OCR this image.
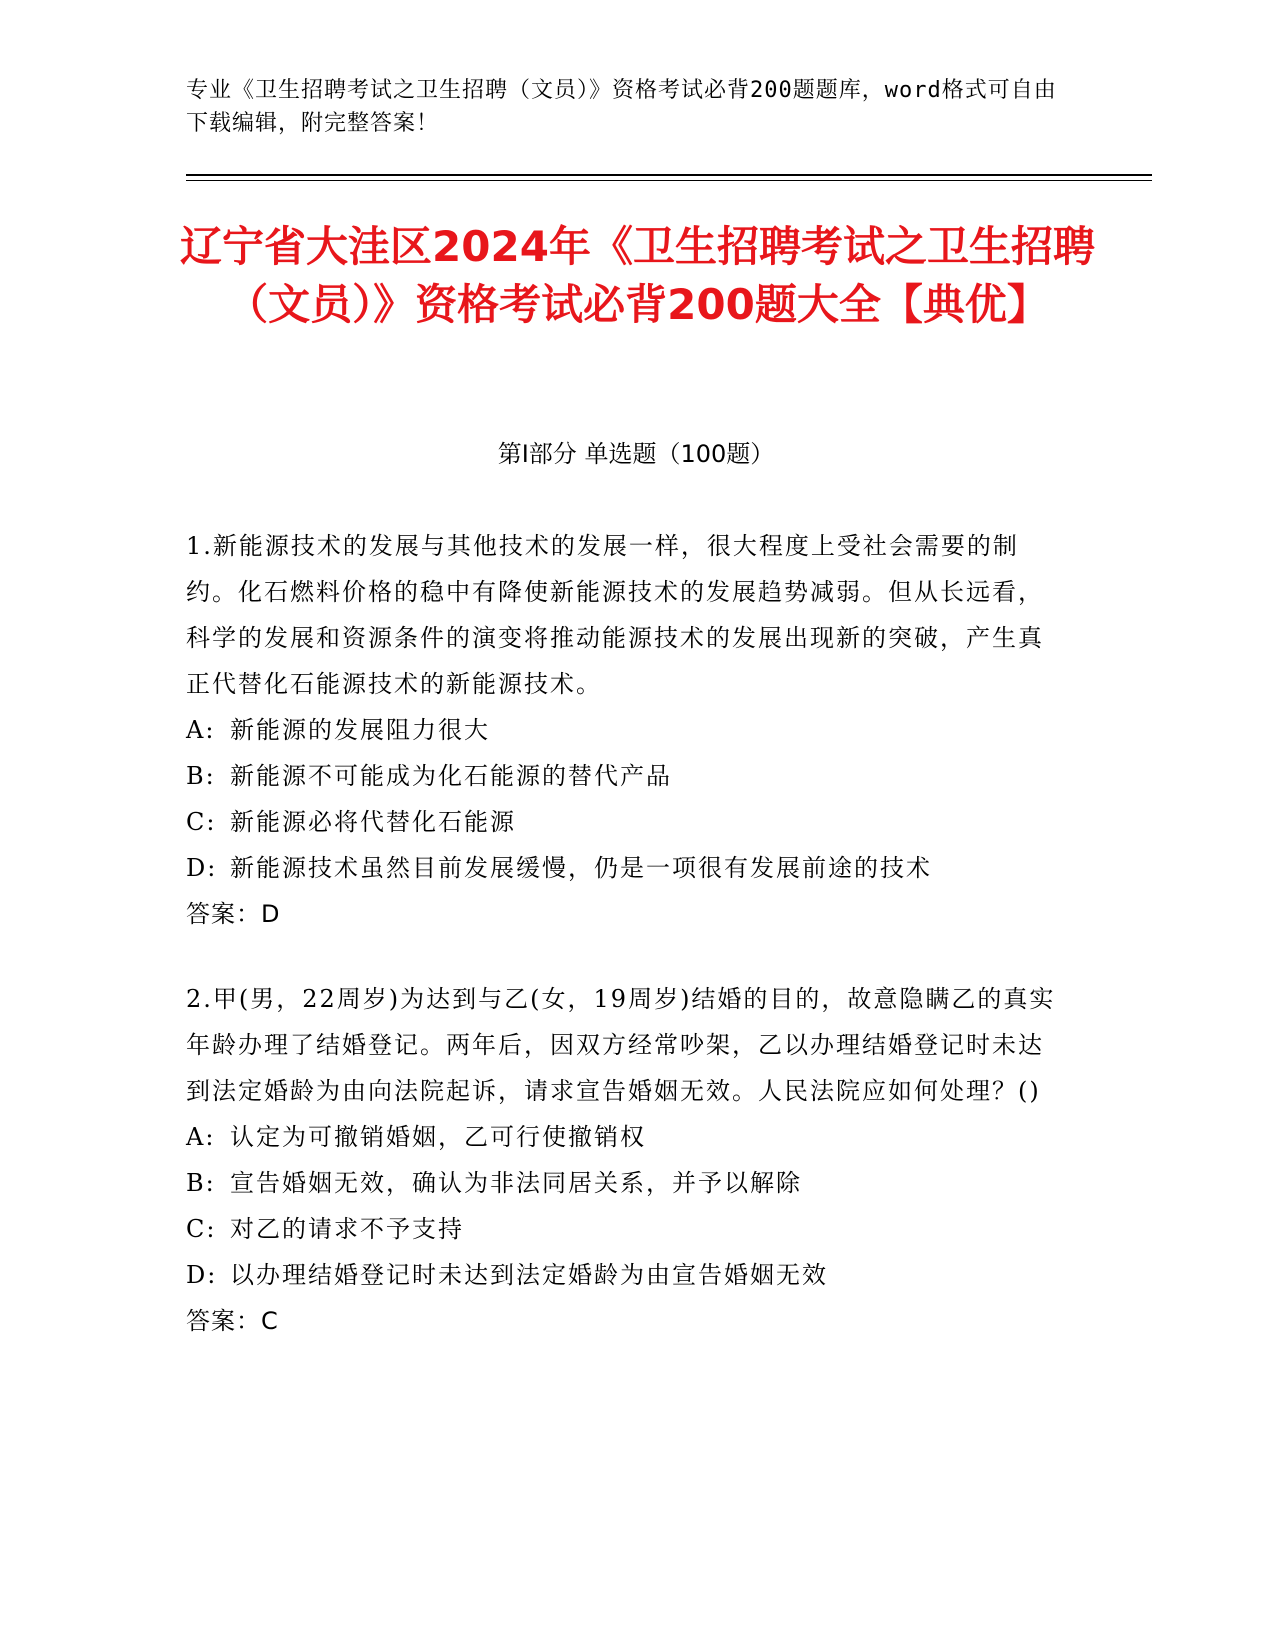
专业《卫生招聘考试之卫生招聘（文员）》资格考试必背200题题库，word格式可自由下载编辑，附完整答案！
辽宁省大洼区2024年《卫生招聘考试之卫生招聘（文员）》资格考试必背200题大全【典优】
第Ⅰ部分 单选题（100题）

1.新能源技术的发展与其他技术的发展一样，很大程度上受社会需要的制约。化石燃料价格的稳中有降使新能源技术的发展趋势减弱。但从长远看，科学的发展和资源条件的演变将推动能源技术的发展出现新的突破，产生真正代替化石能源技术的新能源技术。

A: 新能源的发展阻力很大

B: 新能源不可能成为化石能源的替代产品

C: 新能源必将代替化石能源

D: 新能源技术虽然目前发展缓慢，仍是一项很有发展前途的技术

答案：D

2.甲(男，22周岁)为达到与乙(女，19周岁)结婚的目的，故意隐瞒乙的真实年龄办理了结婚登记。两年后，因双方经常吵架，乙以办理结婚登记时未达到法定婚龄为由向法院起诉，请求宣告婚姻无效。人民法院应如何处理？()

A: 认定为可撤销婚姻，乙可行使撤销权

B: 宣告婚姻无效，确认为非法同居关系，并予以解除

C: 对乙的请求不予支持

D: 以办理结婚登记时未达到法定婚龄为由宣告婚姻无效

答案：C
